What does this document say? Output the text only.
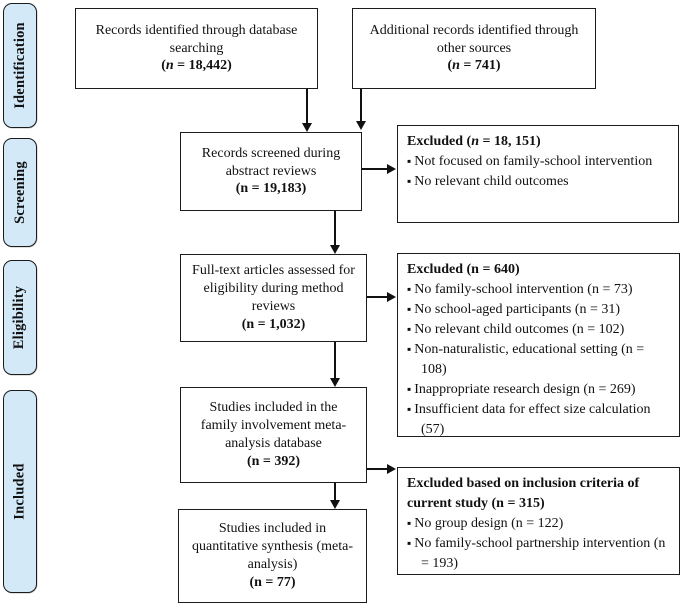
Identification
Screening
Eligibility
Included
Records identified through database searching
(n = 18,442)
Additional records identified through other sources
(n = 741)
Records screened during abstract reviews
(n = 19,183)
Full-text articles assessed for eligibility during method reviews
(n = 1,032)
Studies included in the family involvement meta-analysis database
(n = 392)
Studies included in quantitative synthesis (meta-analysis)
(n = 77)
Excluded (n = 18, 151)
▪ Not focused on family-school intervention
▪ No relevant child outcomes
Excluded (n = 640)
▪ No family-school intervention (n = 73)
▪ No school-aged participants (n = 31)
▪ No relevant child outcomes (n = 102)
▪ Non-naturalistic, educational setting (n = 108)
▪ Inappropriate research design (n = 269)
▪ Insufficient data for effect size calculation (57)
Excluded based on inclusion criteria of current study (n = 315)
▪ No group design (n = 122)
▪ No family-school partnership intervention (n = 193)
